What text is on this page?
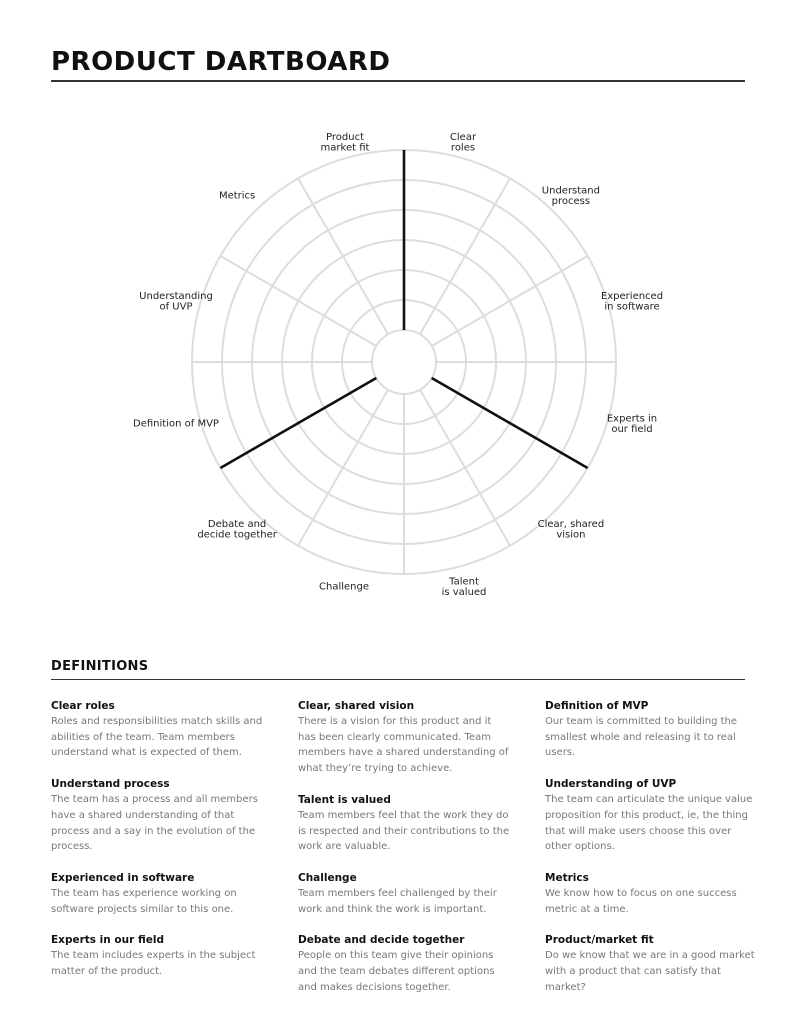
PRODUCT DARTBOARD
Clear roles
Understand process
Experienced in software
Experts in our field
Clear, shared vision
Talent is valued
Challenge
Debate and decide together
Definition of MVP
Understanding of UVP
Metrics
Product market fit
DEFINITIONS

Clear roles

Roles and responsibilities match skills and

abilities of the team. Team members

understand what is expected of them.

Understand process

The team has a process and all members

have a shared understanding of that

process and a say in the evolution of the

process.

Experienced in software

The team has experience working on

software projects similar to this one.

Experts in our field

The team includes experts in the subject

matter of the product.

Clear, shared vision

There is a vision for this product and it

has been clearly communicated. Team

members have a shared understanding of

what they’re trying to achieve.

Talent is valued

Team members feel that the work they do

is respected and their contributions to the

work are valuable.

Challenge

Team members feel challenged by their

work and think the work is important.

Debate and decide together

People on this team give their opinions

and the team debates different options

and makes decisions together.

Definition of MVP

Our team is committed to building the

smallest whole and releasing it to real

users.

Understanding of UVP

The team can articulate the unique value

proposition for this product, ie, the thing

that will make users choose this over

other options.

Metrics

We know how to focus on one success

metric at a time.

Product/market fit

Do we know that we are in a good market

with a product that can satisfy that

market?
